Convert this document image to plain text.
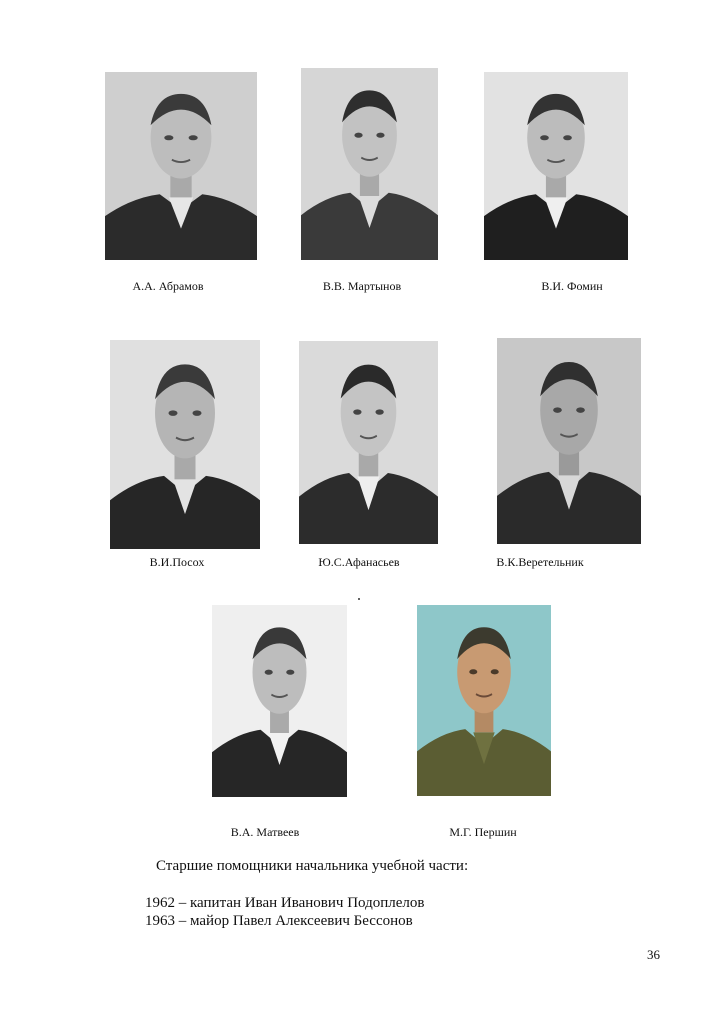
А.А. Абрамов	В.В. Мартынов	В.И. Фомин
В.И.Посох	Ю.С.Афанасьев	В.К.Веретельник
В.А. Матвеев	М.Г. Першин
Старшие помощники начальника учебной части:
1962 – капитан Иван Иванович Подоплелов
1963 – майор Павел Алексеевич Бессонов
36
